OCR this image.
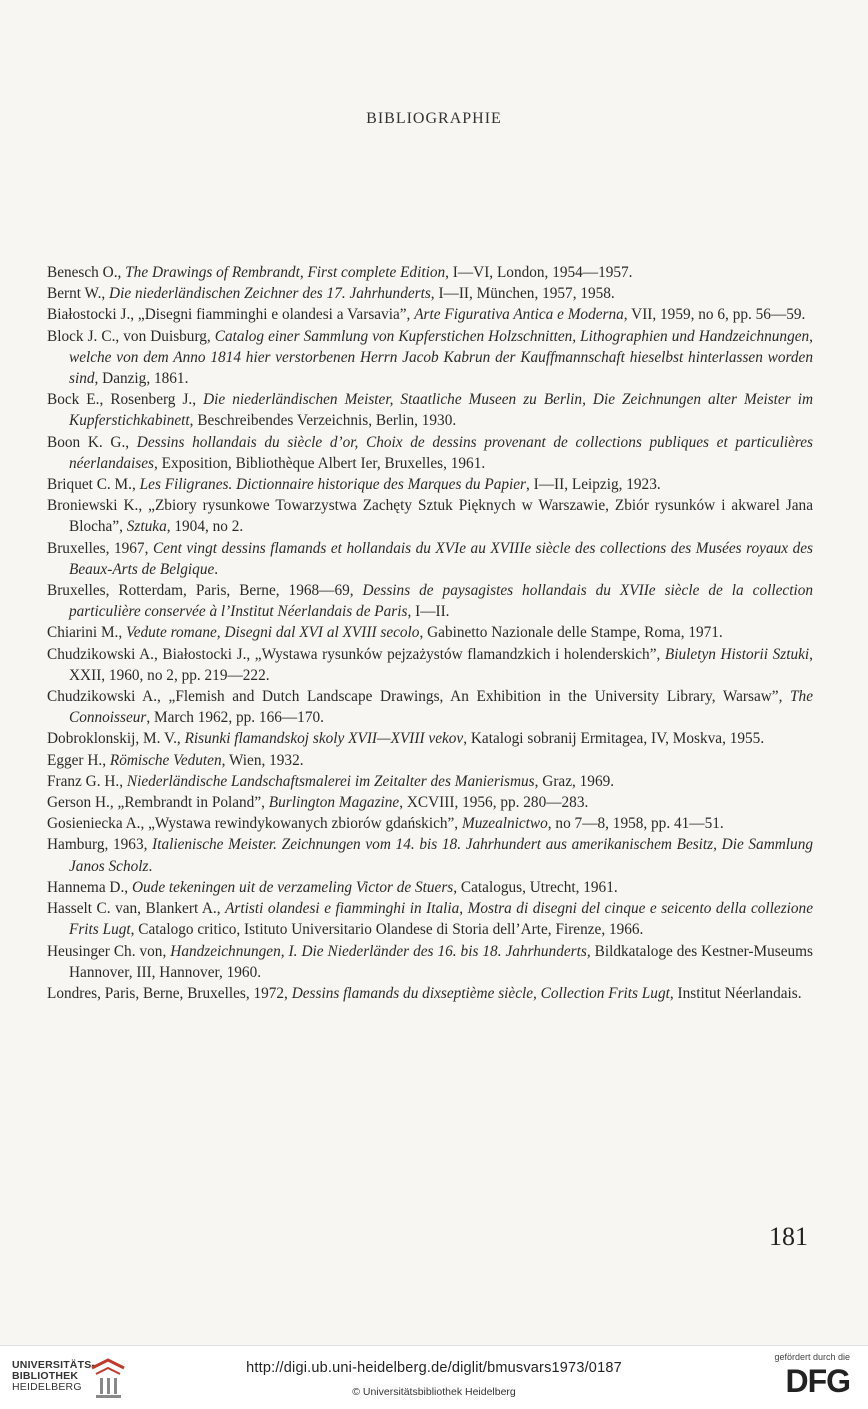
BIBLIOGRAPHIE

Benesch O., The Drawings of Rembrandt, First complete Edition, I—VI, London, 1954—1957.

Bernt W., Die niederländischen Zeichner des 17. Jahrhunderts, I—II, München, 1957, 1958.

Białostocki J., „Disegni fiamminghi e olandesi a Varsavia”, Arte Figurativa Antica e Moderna, VII, 1959, no 6, pp. 56—59.

Block J. C., von Duisburg, Catalog einer Sammlung von Kupferstichen Holzschnitten, Lithographien und Handzeichnungen, welche von dem Anno 1814 hier verstorbenen Herrn Jacob Kabrun der Kauffmannschaft hieselbst hinterlassen worden sind, Danzig, 1861.

Bock E., Rosenberg J., Die niederländischen Meister, Staatliche Museen zu Berlin, Die Zeichnungen alter Meister im Kupferstichkabinett, Beschreibendes Verzeichnis, Berlin, 1930.

Boon K. G., Dessins hollandais du siècle d’or, Choix de dessins provenant de collections publiques et particulières néerlandaises, Exposition, Bibliothèque Albert Ier, Bruxelles, 1961.

Briquet C. M., Les Filigranes. Dictionnaire historique des Marques du Papier, I—II, Leipzig, 1923.

Broniewski K., „Zbiory rysunkowe Towarzystwa Zachęty Sztuk Pięknych w Warszawie, Zbiór rysunków i akwarel Jana Blocha”, Sztuka, 1904, no 2.

Bruxelles, 1967, Cent vingt dessins flamands et hollandais du XVIe au XVIIIe siècle des collections des Musées royaux des Beaux-Arts de Belgique.

Bruxelles, Rotterdam, Paris, Berne, 1968—69, Dessins de paysagistes hollandais du XVIIe siècle de la collection particulière conservée à l’Institut Néerlandais de Paris, I—II.

Chiarini M., Vedute romane, Disegni dal XVI al XVIII secolo, Gabinetto Nazionale delle Stampe, Roma, 1971.

Chudzikowski A., Białostocki J., „Wystawa rysunków pejzażystów flamandzkich i holenderskich”, Biuletyn Historii Sztuki, XXII, 1960, no 2, pp. 219—222.

Chudzikowski A., „Flemish and Dutch Landscape Drawings, An Exhibition in the University Library, Warsaw”, The Connoisseur, March 1962, pp. 166—170.

Dobroklonskij, M. V., Risunki flamandskoj skoly XVII—XVIII vekov, Katalogi sobranij Ermitagea, IV, Moskva, 1955.

Egger H., Römische Veduten, Wien, 1932.

Franz G. H., Niederländische Landschaftsmalerei im Zeitalter des Manierismus, Graz, 1969.

Gerson H., „Rembrandt in Poland”, Burlington Magazine, XCVIII, 1956, pp. 280—283.

Gosieniecka A., „Wystawa rewindykowanych zbiorów gdańskich”, Muzealnictwo, no 7—8, 1958, pp. 41—51.

Hamburg, 1963, Italienische Meister. Zeichnungen vom 14. bis 18. Jahrhundert aus amerikanischem Besitz, Die Sammlung Janos Scholz.

Hannema D., Oude tekeningen uit de verzameling Victor de Stuers, Catalogus, Utrecht, 1961.

Hasselt C. van, Blankert A., Artisti olandesi e fiamminghi in Italia, Mostra di disegni del cinque e seicento della collezione Frits Lugt, Catalogo critico, Istituto Universitario Olandese di Storia dell’Arte, Firenze, 1966.

Heusinger Ch. von, Handzeichnungen, I. Die Niederländer des 16. bis 18. Jahrhunderts, Bildkataloge des Kestner-Museums Hannover, III, Hannover, 1960.

Londres, Paris, Berne, Bruxelles, 1972, Dessins flamands du dixseptième siècle, Collection Frits Lugt, Institut Néerlandais.

181
UNIVERSITÄTS-
BIBLIOTHEK
HEIDELBERG
http://digi.ub.uni-heidelberg.de/diglit/bmusvars1973/0187
© Universitätsbibliothek Heidelberg
gefördert durch die
DFG
